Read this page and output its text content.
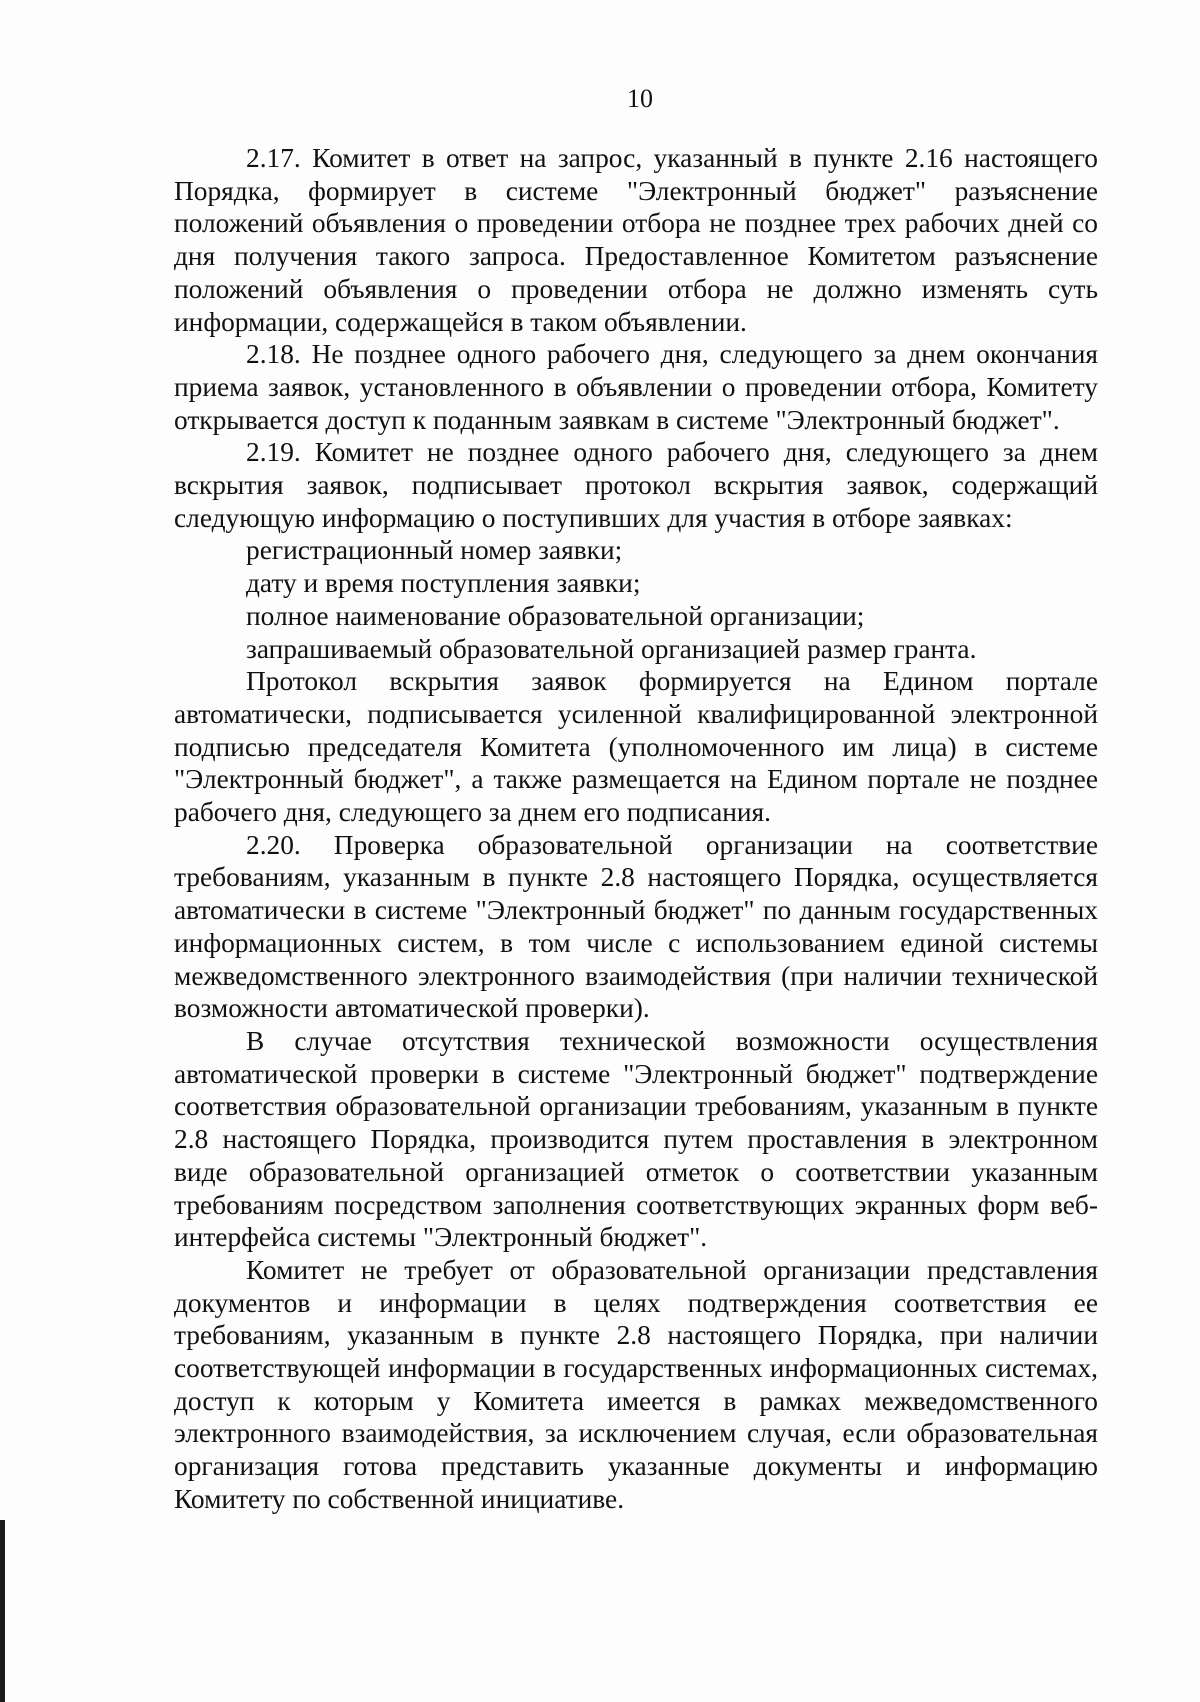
10

2.17. Комитет в ответ на запрос, указанный в пункте 2.16 настоящего Порядка, формирует в системе "Электронный бюджет" разъяснение положений объявления о проведении отбора не позднее трех рабочих дней со дня получения такого запроса. Предоставленное Комитетом разъяснение положений объявления о проведении отбора не должно изменять суть информации, содержащейся в таком объявлении.

2.18. Не позднее одного рабочего дня, следующего за днем окончания приема заявок, установленного в объявлении о проведении отбора, Комитету открывается доступ к поданным заявкам в системе "Электронный бюджет".

2.19. Комитет не позднее одного рабочего дня, следующего за днем вскрытия заявок, подписывает протокол вскрытия заявок, содержащий следующую информацию о поступивших для участия в отборе заявках:

регистрационный номер заявки;

дату и время поступления заявки;

полное наименование образовательной организации;

запрашиваемый образовательной организацией размер гранта.

Протокол вскрытия заявок формируется на Едином портале автоматически, подписывается усиленной квалифицированной электронной подписью председателя Комитета (уполномоченного им лица) в системе "Электронный бюджет", а также размещается на Едином портале не позднее рабочего дня, следующего за днем его подписания.

2.20. Проверка образовательной организации на соответствие требованиям, указанным в пункте 2.8 настоящего Порядка, осуществляется автоматически в системе "Электронный бюджет" по данным государственных информационных систем, в том числе с использованием единой системы межведомственного электронного взаимодействия (при наличии технической возможности автоматической проверки).

В случае отсутствия технической возможности осуществления автоматической проверки в системе "Электронный бюджет" подтверждение соответствия образовательной организации требованиям, указанным в пункте 2.8 настоящего Порядка, производится путем проставления в электронном виде образовательной организацией отметок о соответствии указанным требованиям посредством заполнения соответствующих экранных форм веб-интерфейса системы "Электронный бюджет".

Комитет не требует от образовательной организации представления документов и информации в целях подтверждения соответствия ее требованиям, указанным в пункте 2.8 настоящего Порядка, при наличии соответствующей информации в государственных информационных системах, доступ к которым у Комитета имеется в рамках межведомственного электронного взаимодействия, за исключением случая, если образовательная организация готова представить указанные документы и информацию Комитету по собственной инициативе.
